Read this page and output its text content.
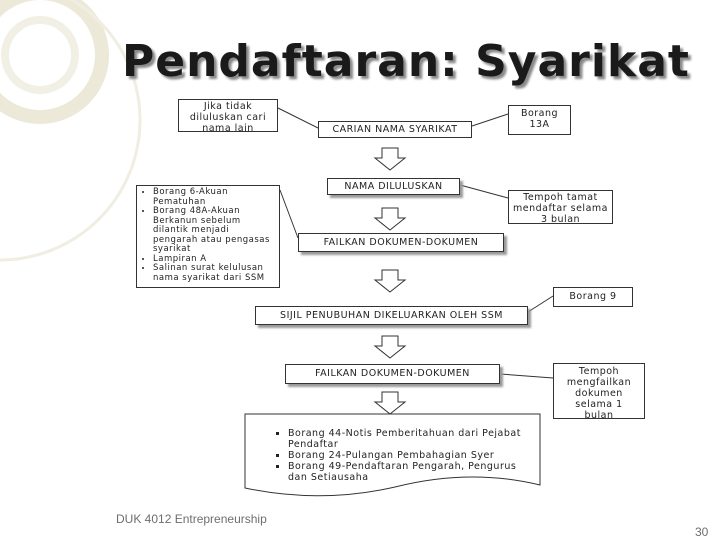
Pendaftaran: Syarikat
CARIAN NAMA SYARIKAT
NAMA DILULUSKAN
FAILKAN DOKUMEN-DOKUMEN
SIJIL PENUBUHAN DIKELUARKAN OLEH SSM
FAILKAN DOKUMEN-DOKUMEN
Jika tidak diluluskan cari nama lain
Borang 13A
Tempoh tamat mendaftar selama 3 bulan
Borang 9
Tempoh mengfailkan dokumen selama 1 bulan
• Borang 6-Akuan Pematuhan
• Borang 48A-Akuan Berkanun sebelum dilantik menjadi pengarah atau pengasas syarikat
• Lampiran A
• Salinan surat kelulusan nama syarikat dari SSM
▪ Borang 44-Notis Pemberitahuan dari Pejabat Pendaftar
▪ Borang 24-Pulangan Pembahagian Syer
▪ Borang 49-Pendaftaran Pengarah, Pengurus dan Setiausaha
DUK 4012 Entrepreneurship
30
